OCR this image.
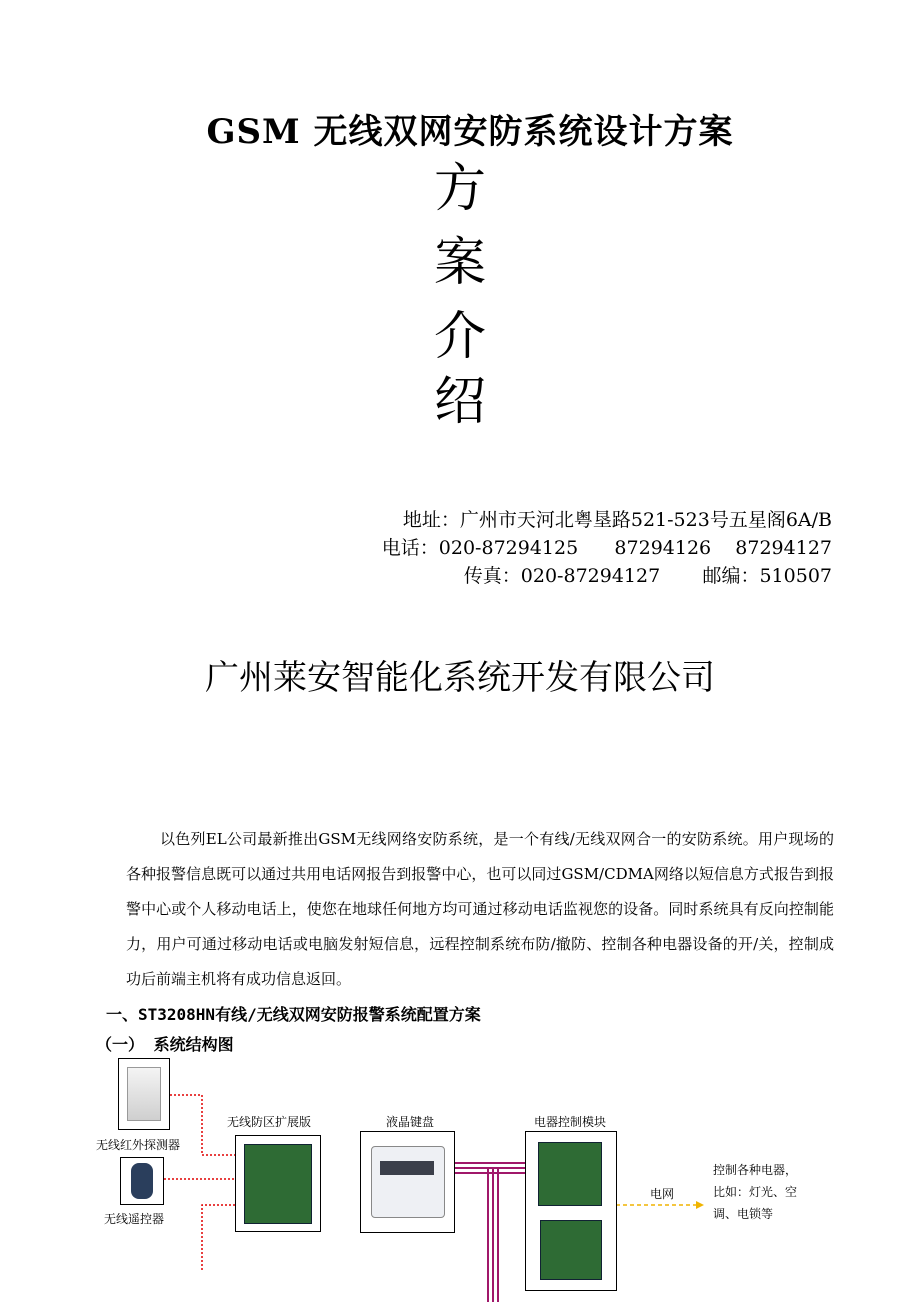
GSM 无线双网安防系统设计方案
方
案
介
绍
地址：广州市天河北粤垦路521-523号五星阁6A/B
电话：020-87294125      87294126    87294127
传真：020-87294127       邮编：510507
广州莱安智能化系统开发有限公司
以色列EL公司最新推出GSM无线网络安防系统，是一个有线/无线双网合一的安防系统。用户现场的各种报警信息既可以通过共用电话网报告到报警中心，也可以同过GSM/CDMA网络以短信息方式报告到报警中心或个人移动电话上，使您在地球任何地方均可通过移动电话监视您的设备。同时系统具有反向控制能力，用户可通过移动电话或电脑发射短信息，远程控制系统布防/撤防、控制各种电器设备的开/关，控制成功后前端主机将有成功信息返回。
一、ST3208HN有线/无线双网安防报警系统配置方案
（一） 系统结构图
无线红外探测器
无线遥控器
无线防区扩展版	液晶键盘	电器控制模块
电网
控制各种电器，
比如：灯光、空
调、电锁等
